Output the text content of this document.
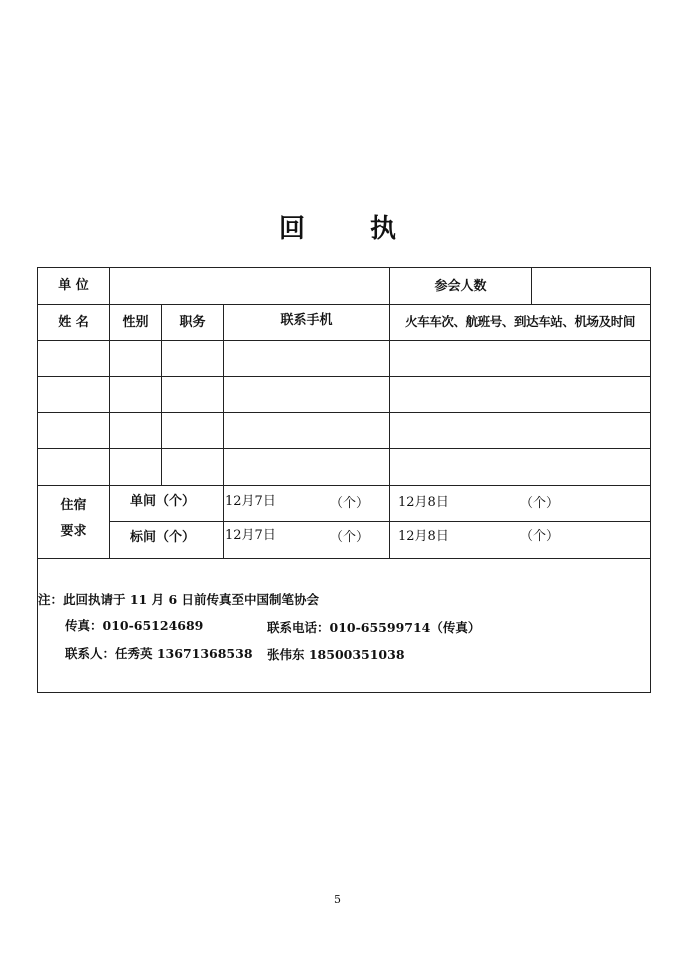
回 执
单 位	参会人数
姓 名	性别	职务	联系手机	火车车次、航班号、到达车站、机场及时间
住宿
要求
单间（个） 12月7日	（个） 12月8日	（个）
标间（个） 12月7日	（个） 12月8日	（个）
注：此回执请于 11 月 6 日前传真至中国制笔协会
传真：010-65124689	联系电话：010-65599714（传真）
联系人：任秀英 13671368538 张伟东 18500351038
5
